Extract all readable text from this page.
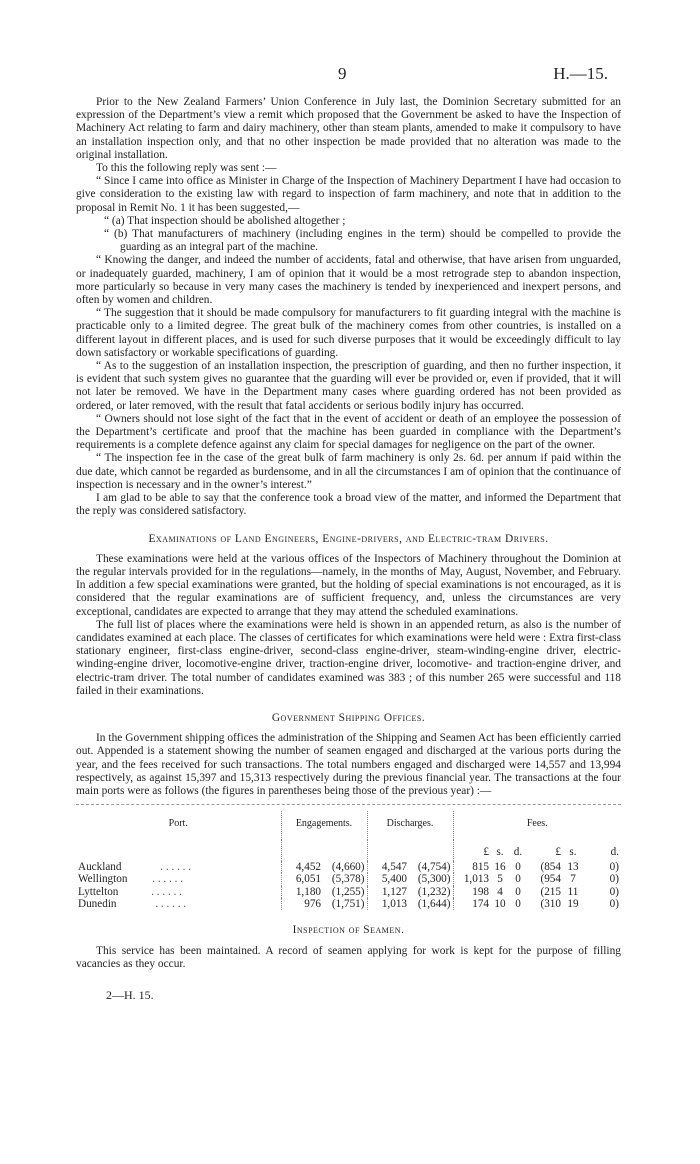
9	H.—15.

Prior to the New Zealand Farmers’ Union Conference in July last, the Dominion Secretary submitted for an expression of the Department’s view a remit which proposed that the Government be asked to have the Inspection of Machinery Act relating to farm and dairy machinery, other than steam plants, amended to make it compulsory to have an installation inspection only, and that no other inspection be made provided that no alteration was made to the original installation.

To this the following reply was sent :—

“ Since I came into office as Minister in Charge of the Inspection of Machinery Department I have had occasion to give consideration to the existing law with regard to inspection of farm machinery, and note that in addition to the proposal in Remit No. 1 it has been suggested,—

“ (a) That inspection should be abolished altogether ;

“ (b) That manufacturers of machinery (including engines in the term) should be compelled to provide the guarding as an integral part of the machine.

“ Knowing the danger, and indeed the number of accidents, fatal and otherwise, that have arisen from unguarded, or inadequately guarded, machinery, I am of opinion that it would be a most retrograde step to abandon inspection, more particularly so because in very many cases the machinery is tended by inexperienced and inexpert persons, and often by women and children.

“ The suggestion that it should be made compulsory for manufacturers to fit guarding integral with the machine is practicable only to a limited degree. The great bulk of the machinery comes from other countries, is installed on a different layout in different places, and is used for such diverse purposes that it would be exceedingly difficult to lay down satisfactory or workable specifications of guarding.

“ As to the suggestion of an installation inspection, the prescription of guarding, and then no further inspection, it is evident that such system gives no guarantee that the guarding will ever be provided or, even if provided, that it will not later be removed. We have in the Department many cases where guarding ordered has not been provided as ordered, or later removed, with the result that fatal accidents or serious bodily injury has occurred.

“ Owners should not lose sight of the fact that in the event of accident or death of an employee the possession of the Department’s certificate and proof that the machine has been guarded in compliance with the Department’s requirements is a complete defence against any claim for special damages for negligence on the part of the owner.

“ The inspection fee in the case of the great bulk of farm machinery is only 2s. 6d. per annum if paid within the due date, which cannot be regarded as burdensome, and in all the circumstances I am of opinion that the continuance of inspection is necessary and in the owner’s interest.”

I am glad to be able to say that the conference took a broad view of the matter, and informed the Department that the reply was considered satisfactory.

Examinations of Land Engineers, Engine-drivers, and Electric-tram Drivers.

These examinations were held at the various offices of the Inspectors of Machinery throughout the Dominion at the regular intervals provided for in the regulations—namely, in the months of May, August, November, and February. In addition a few special examinations were granted, but the holding of special examinations is not encouraged, as it is considered that the regular examinations are of sufficient frequency, and, unless the circumstances are very exceptional, candidates are expected to arrange that they may attend the scheduled examinations.

The full list of places where the examinations were held is shown in an appended return, as also is the number of candidates examined at each place. The classes of certificates for which examinations were held were : Extra first-class stationary engineer, first-class engine-driver, second-class engine-driver, steam-winding-engine driver, electric-winding-engine driver, locomotive-engine driver, traction-engine driver, locomotive- and traction-engine driver, and electric-tram driver. The total number of candidates examined was 383 ; of this number 265 were successful and 118 failed in their examinations.

Government Shipping Offices.

In the Government shipping offices the administration of the Shipping and Seamen Act has been efficiently carried out. Appended is a statement showing the number of seamen engaged and discharged at the various ports during the year, and the fees received for such transactions. The total numbers engaged and discharged were 14,557 and 13,994 respectively, as against 15,397 and 15,313 respectively during the previous financial year. The transactions at the four main ports were as follows (the figures in parentheses being those of the previous year) :—

Port.	Engagements.		Discharges.		Fees.					
					£	s.	d.	£	s.	d.
Auckland . . . . . .	4,452	(4,660)	4,547	(4,754)	815	16	0	(854	13	0)
Wellington . . . . . .	6,051	(5,378)	5,400	(5,300)	1,013	5	0	(954	7	0)
Lyttelton . . . . . .	1,180	(1,255)	1,127	(1,232)	198	4	0	(215	11	0)
Dunedin . . . . . .	976	(1,751)	1,013	(1,644)	174	10	0	(310	19	0)
Inspection of Seamen.

This service has been maintained. A record of seamen applying for work is kept for the purpose of filling vacancies as they occur.

2—H. 15.
